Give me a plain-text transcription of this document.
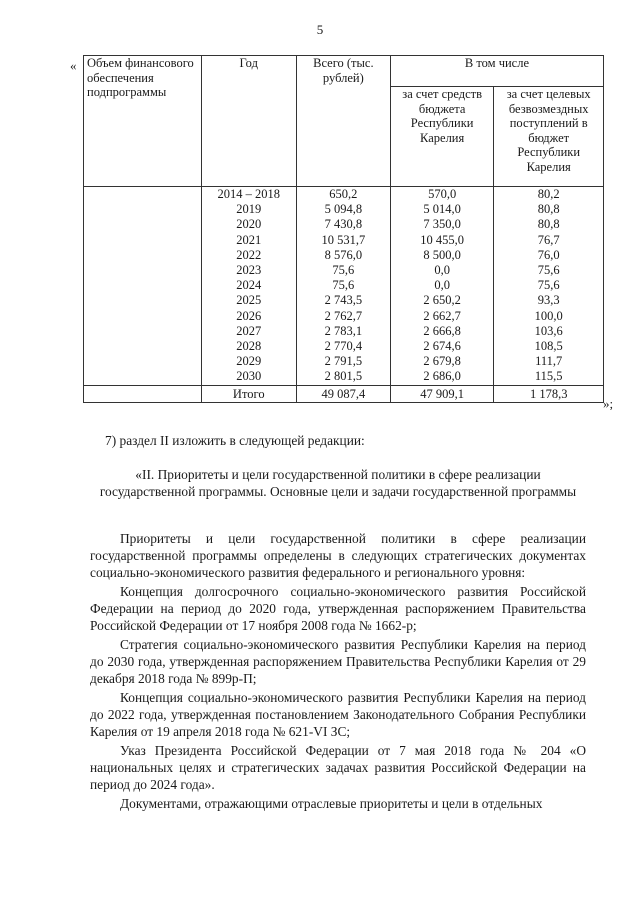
5
« Объем финансового обеспечения подпрограммы	Год	Всего (тыс. рублей)	В том числе	
			за счет средств бюджета Республики Карелия	за счет целевых безвозмездных поступлений в бюджет Республики Карелия
	2014 – 2018	650,2	570,0	80,2
	2019	5 094,8	5 014,0	80,8
	2020	7 430,8	7 350,0	80,8
	2021	10 531,7	10 455,0	76,7
	2022	8 576,0	8 500,0	76,0
	2023	75,6	0,0	75,6
	2024	75,6	0,0	75,6
	2025	2 743,5	2 650,2	93,3
	2026	2 762,7	2 662,7	100,0
	2027	2 783,1	2 666,8	103,6
	2028	2 770,4	2 674,6	108,5
	2029	2 791,5	2 679,8	111,7
	2030	2 801,5	2 686,0	115,5
	Итого	49 087,4	47 909,1	1 178,3
»;
7) раздел II изложить в следующей редакции:
«II. Приоритеты и цели государственной политики в сфере реализации государственной программы. Основные цели и задачи государственной программы

Приоритеты и цели государственной политики в сфере реализации государственной программы определены в следующих стратегических документах социально-экономического развития федерального и регионального уровня:

Концепция долгосрочного социально-экономического развития Российской Федерации на период до 2020 года, утвержденная распоряжением Правительства Российской Федерации от 17 ноября 2008 года № 1662-р;

Стратегия социально-экономического развития Республики Карелия на период до 2030 года, утвержденная распоряжением Правительства Республики Карелия от 29 декабря 2018 года № 899р-П;

Концепция социально-экономического развития Республики Карелия на период до 2022 года, утвержденная постановлением Законодательного Собрания Республики Карелия от 19 апреля 2018 года № 621-VI ЗС;

Указ Президента Российской Федерации от 7 мая 2018 года № 204 «О национальных целях и стратегических задачах развития Российской Федерации на период до 2024 года».

Документами, отражающими отраслевые приоритеты и цели в отдельных
